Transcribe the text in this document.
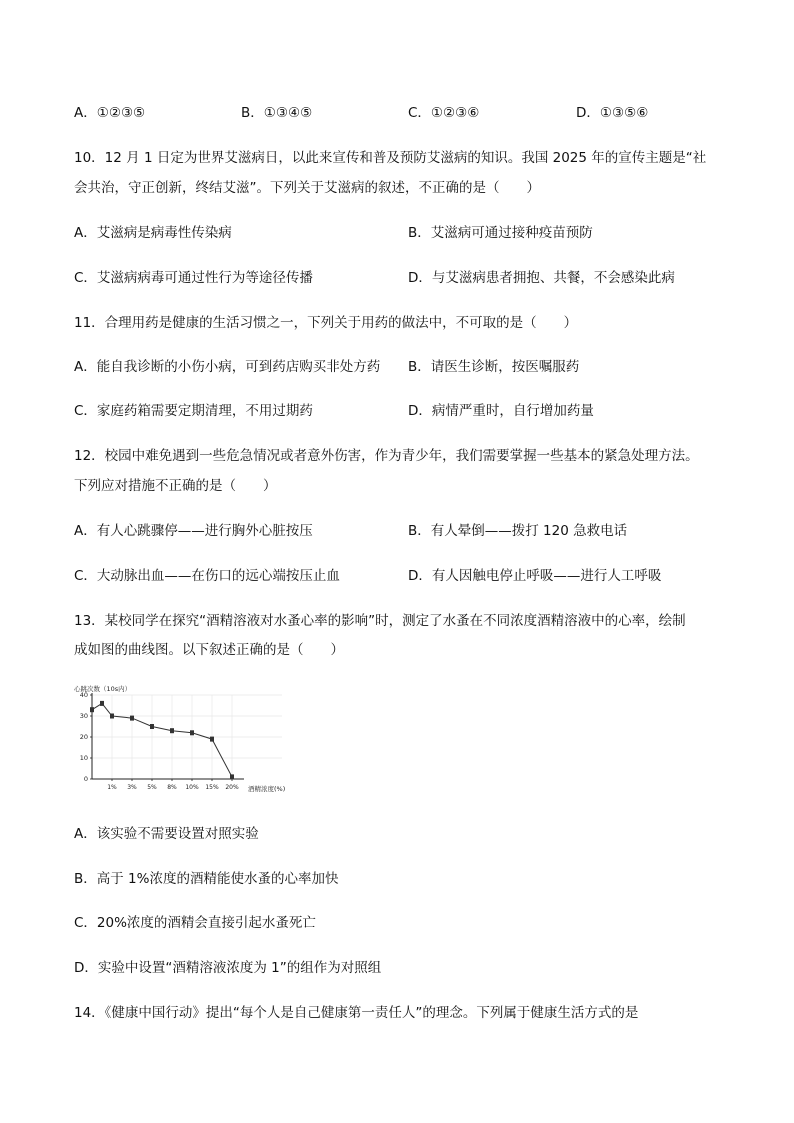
A．①②③⑤	B．①③④⑤	C．①②③⑥	D．①③⑤⑥
10．12 月 1 日定为世界艾滋病日，以此来宣传和普及预防艾滋病的知识。我国 2025 年的宣传主题是“社
会共治，守正创新，终结艾滋”。下列关于艾滋病的叙述，不正确的是（　　）
A．艾滋病是病毒性传染病	B．艾滋病可通过接种疫苗预防
C．艾滋病病毒可通过性行为等途径传播	D．与艾滋病患者拥抱、共餐，不会感染此病
11．合理用药是健康的生活习惯之一，下列关于用药的做法中，不可取的是（　　）
A．能自我诊断的小伤小病，可到药店购买非处方药 B．请医生诊断，按医嘱服药
C．家庭药箱需要定期清理，不用过期药	D．病情严重时，自行增加药量
12．校园中难免遇到一些危急情况或者意外伤害，作为青少年，我们需要掌握一些基本的紧急处理方法。
下列应对措施不正确的是（　　）
A．有人心跳骤停——进行胸外心脏按压	B．有人晕倒——拨打 120 急救电话
C．大动脉出血——在伤口的远心端按压止血	D．有人因触电停止呼吸——进行人工呼吸
13．某校同学在探究“酒精溶液对水蚤心率的影响”时，测定了水蚤在不同浓度酒精溶液中的心率，绘制
成如图的曲线图。以下叙述正确的是（　　）
心跳次数（10s内）
40
30
20
10
0
1% 3% 5% 8% 10% 15% 20% 酒精浓度(%)
A．该实验不需要设置对照实验
B．高于 1%浓度的酒精能使水蚤的心率加快
C．20%浓度的酒精会直接引起水蚤死亡
D．实验中设置“酒精溶液浓度为 1”的组作为对照组
14．《健康中国行动》提出“每个人是自己健康第一责任人”的理念。下列属于健康生活方式的是
